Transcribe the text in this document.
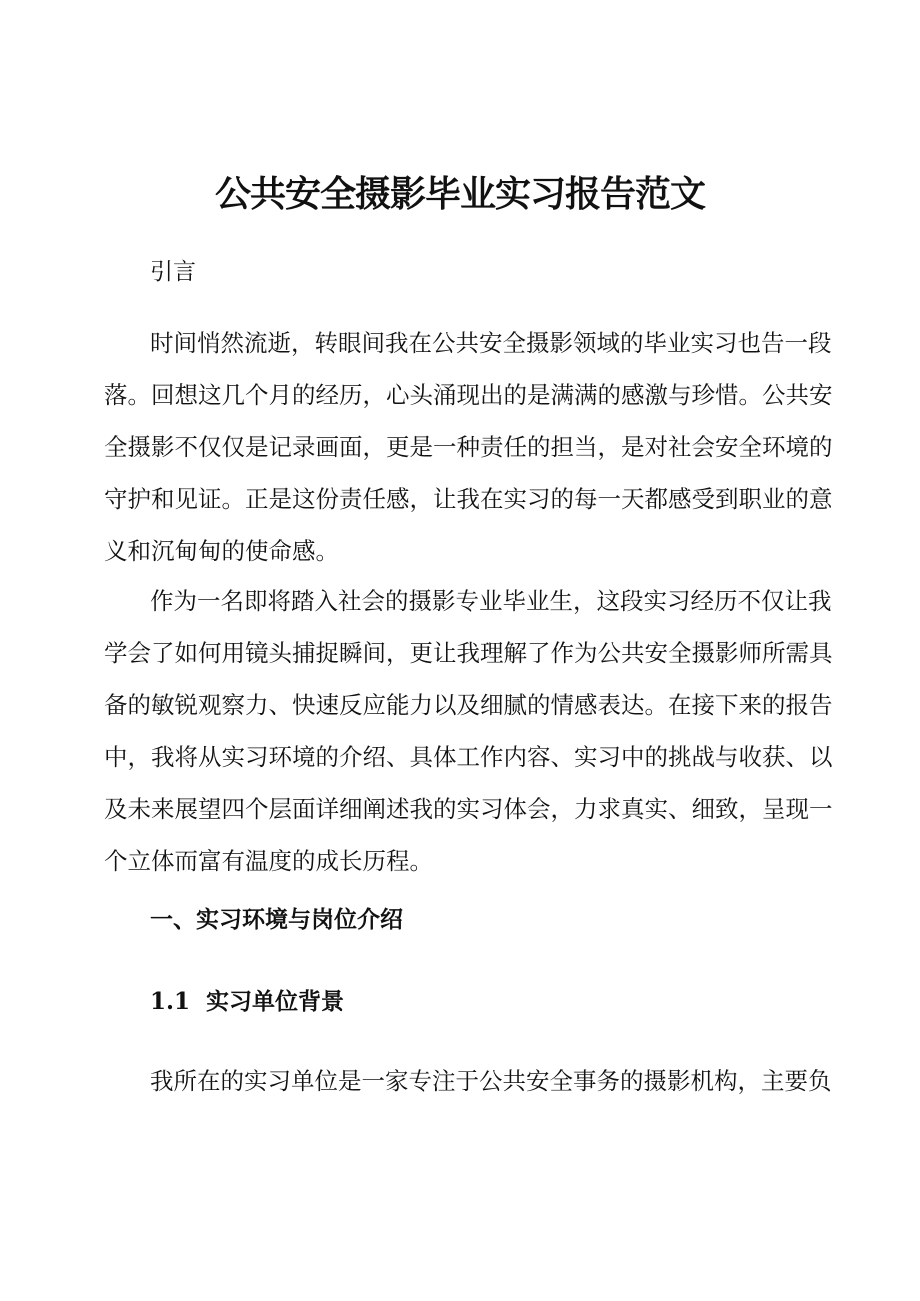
公共安全摄影毕业实习报告范文
引言
时间悄然流逝，转眼间我在公共安全摄影领域的毕业实习也告一段
落。回想这几个月的经历，心头涌现出的是满满的感激与珍惜。公共安
全摄影不仅仅是记录画面，更是一种责任的担当，是对社会安全环境的
守护和见证。正是这份责任感，让我在实习的每一天都感受到职业的意
义和沉甸甸的使命感。
作为一名即将踏入社会的摄影专业毕业生，这段实习经历不仅让我
学会了如何用镜头捕捉瞬间，更让我理解了作为公共安全摄影师所需具
备的敏锐观察力、快速反应能力以及细腻的情感表达。在接下来的报告
中，我将从实习环境的介绍、具体工作内容、实习中的挑战与收获、以
及未来展望四个层面详细阐述我的实习体会，力求真实、细致，呈现一
个立体而富有温度的成长历程。
一、实习环境与岗位介绍
1.1 实习单位背景
我所在的实习单位是一家专注于公共安全事务的摄影机构，主要负
